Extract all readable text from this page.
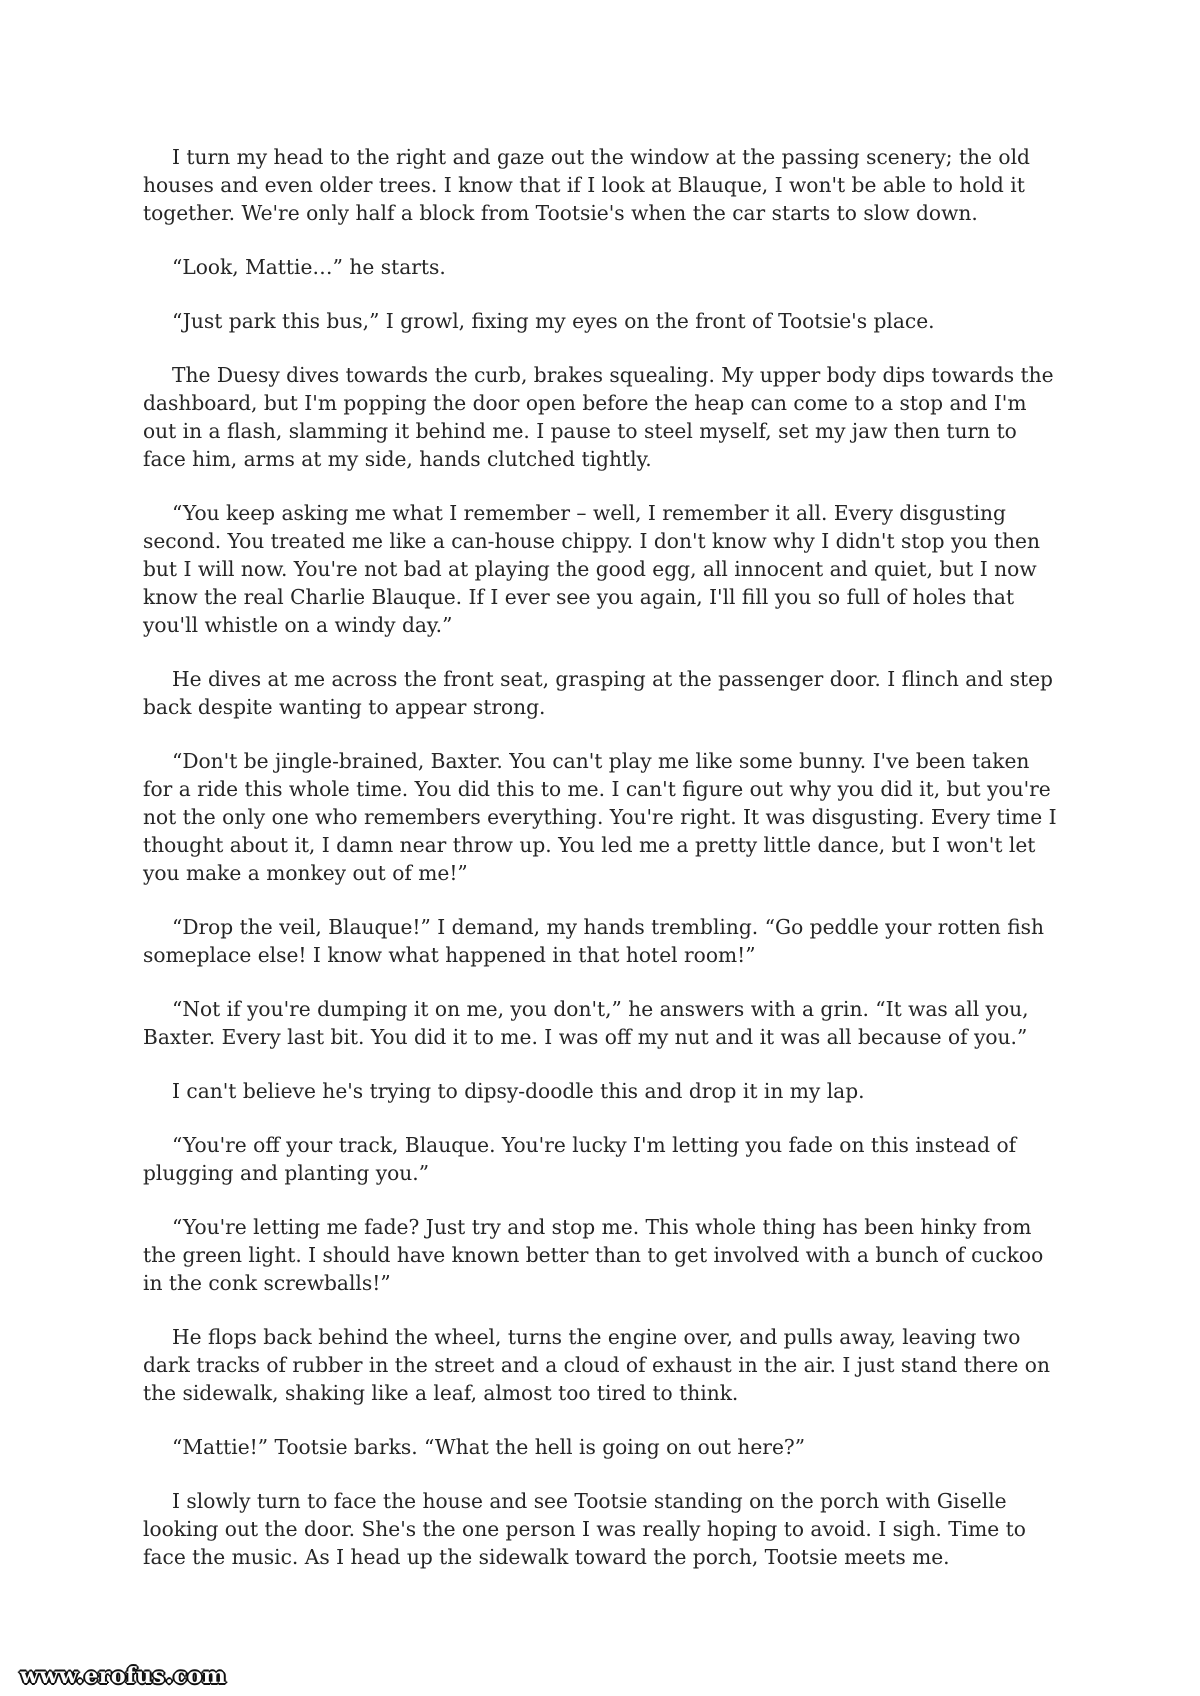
I turn my head to the right and gaze out the window at the passing scenery; the old houses and even older trees. I know that if I look at Blauque, I won't be able to hold it together. We're only half a block from Tootsie's when the car starts to slow down.

“Look, Mattie…” he starts.

“Just park this bus,” I growl, fixing my eyes on the front of Tootsie's place.

The Duesy dives towards the curb, brakes squealing. My upper body dips towards the dashboard, but I'm popping the door open before the heap can come to a stop and I'm out in a flash, slamming it behind me. I pause to steel myself, set my jaw then turn to face him, arms at my side, hands clutched tightly.

“You keep asking me what I remember – well, I remember it all. Every disgusting second. You treated me like a can-house chippy. I don't know why I didn't stop you then but I will now. You're not bad at playing the good egg, all innocent and quiet, but I now know the real Charlie Blauque. If I ever see you again, I'll fill you so full of holes that you'll whistle on a windy day.”

He dives at me across the front seat, grasping at the passenger door. I flinch and step back despite wanting to appear strong.

“Don't be jingle-brained, Baxter. You can't play me like some bunny. I've been taken for a ride this whole time. You did this to me. I can't figure out why you did it, but you're not the only one who remembers everything. You're right. It was disgusting. Every time I thought about it, I damn near throw up. You led me a pretty little dance, but I won't let you make a monkey out of me!”

“Drop the veil, Blauque!” I demand, my hands trembling. “Go peddle your rotten fish someplace else! I know what happened in that hotel room!”

“Not if you're dumping it on me, you don't,” he answers with a grin. “It was all you, Baxter. Every last bit. You did it to me. I was off my nut and it was all because of you.”

I can't believe he's trying to dipsy-doodle this and drop it in my lap.

“You're off your track, Blauque. You're lucky I'm letting you fade on this instead of plugging and planting you.”

“You're letting me fade? Just try and stop me. This whole thing has been hinky from the green light. I should have known better than to get involved with a bunch of cuckoo in the conk screwballs!”

He flops back behind the wheel, turns the engine over, and pulls away, leaving two dark tracks of rubber in the street and a cloud of exhaust in the air. I just stand there on the sidewalk, shaking like a leaf, almost too tired to think.

“Mattie!” Tootsie barks. “What the hell is going on out here?”

I slowly turn to face the house and see Tootsie standing on the porch with Giselle looking out the door. She's the one person I was really hoping to avoid. I sigh. Time to face the music. As I head up the sidewalk toward the porch, Tootsie meets me.

www.erofus.com
